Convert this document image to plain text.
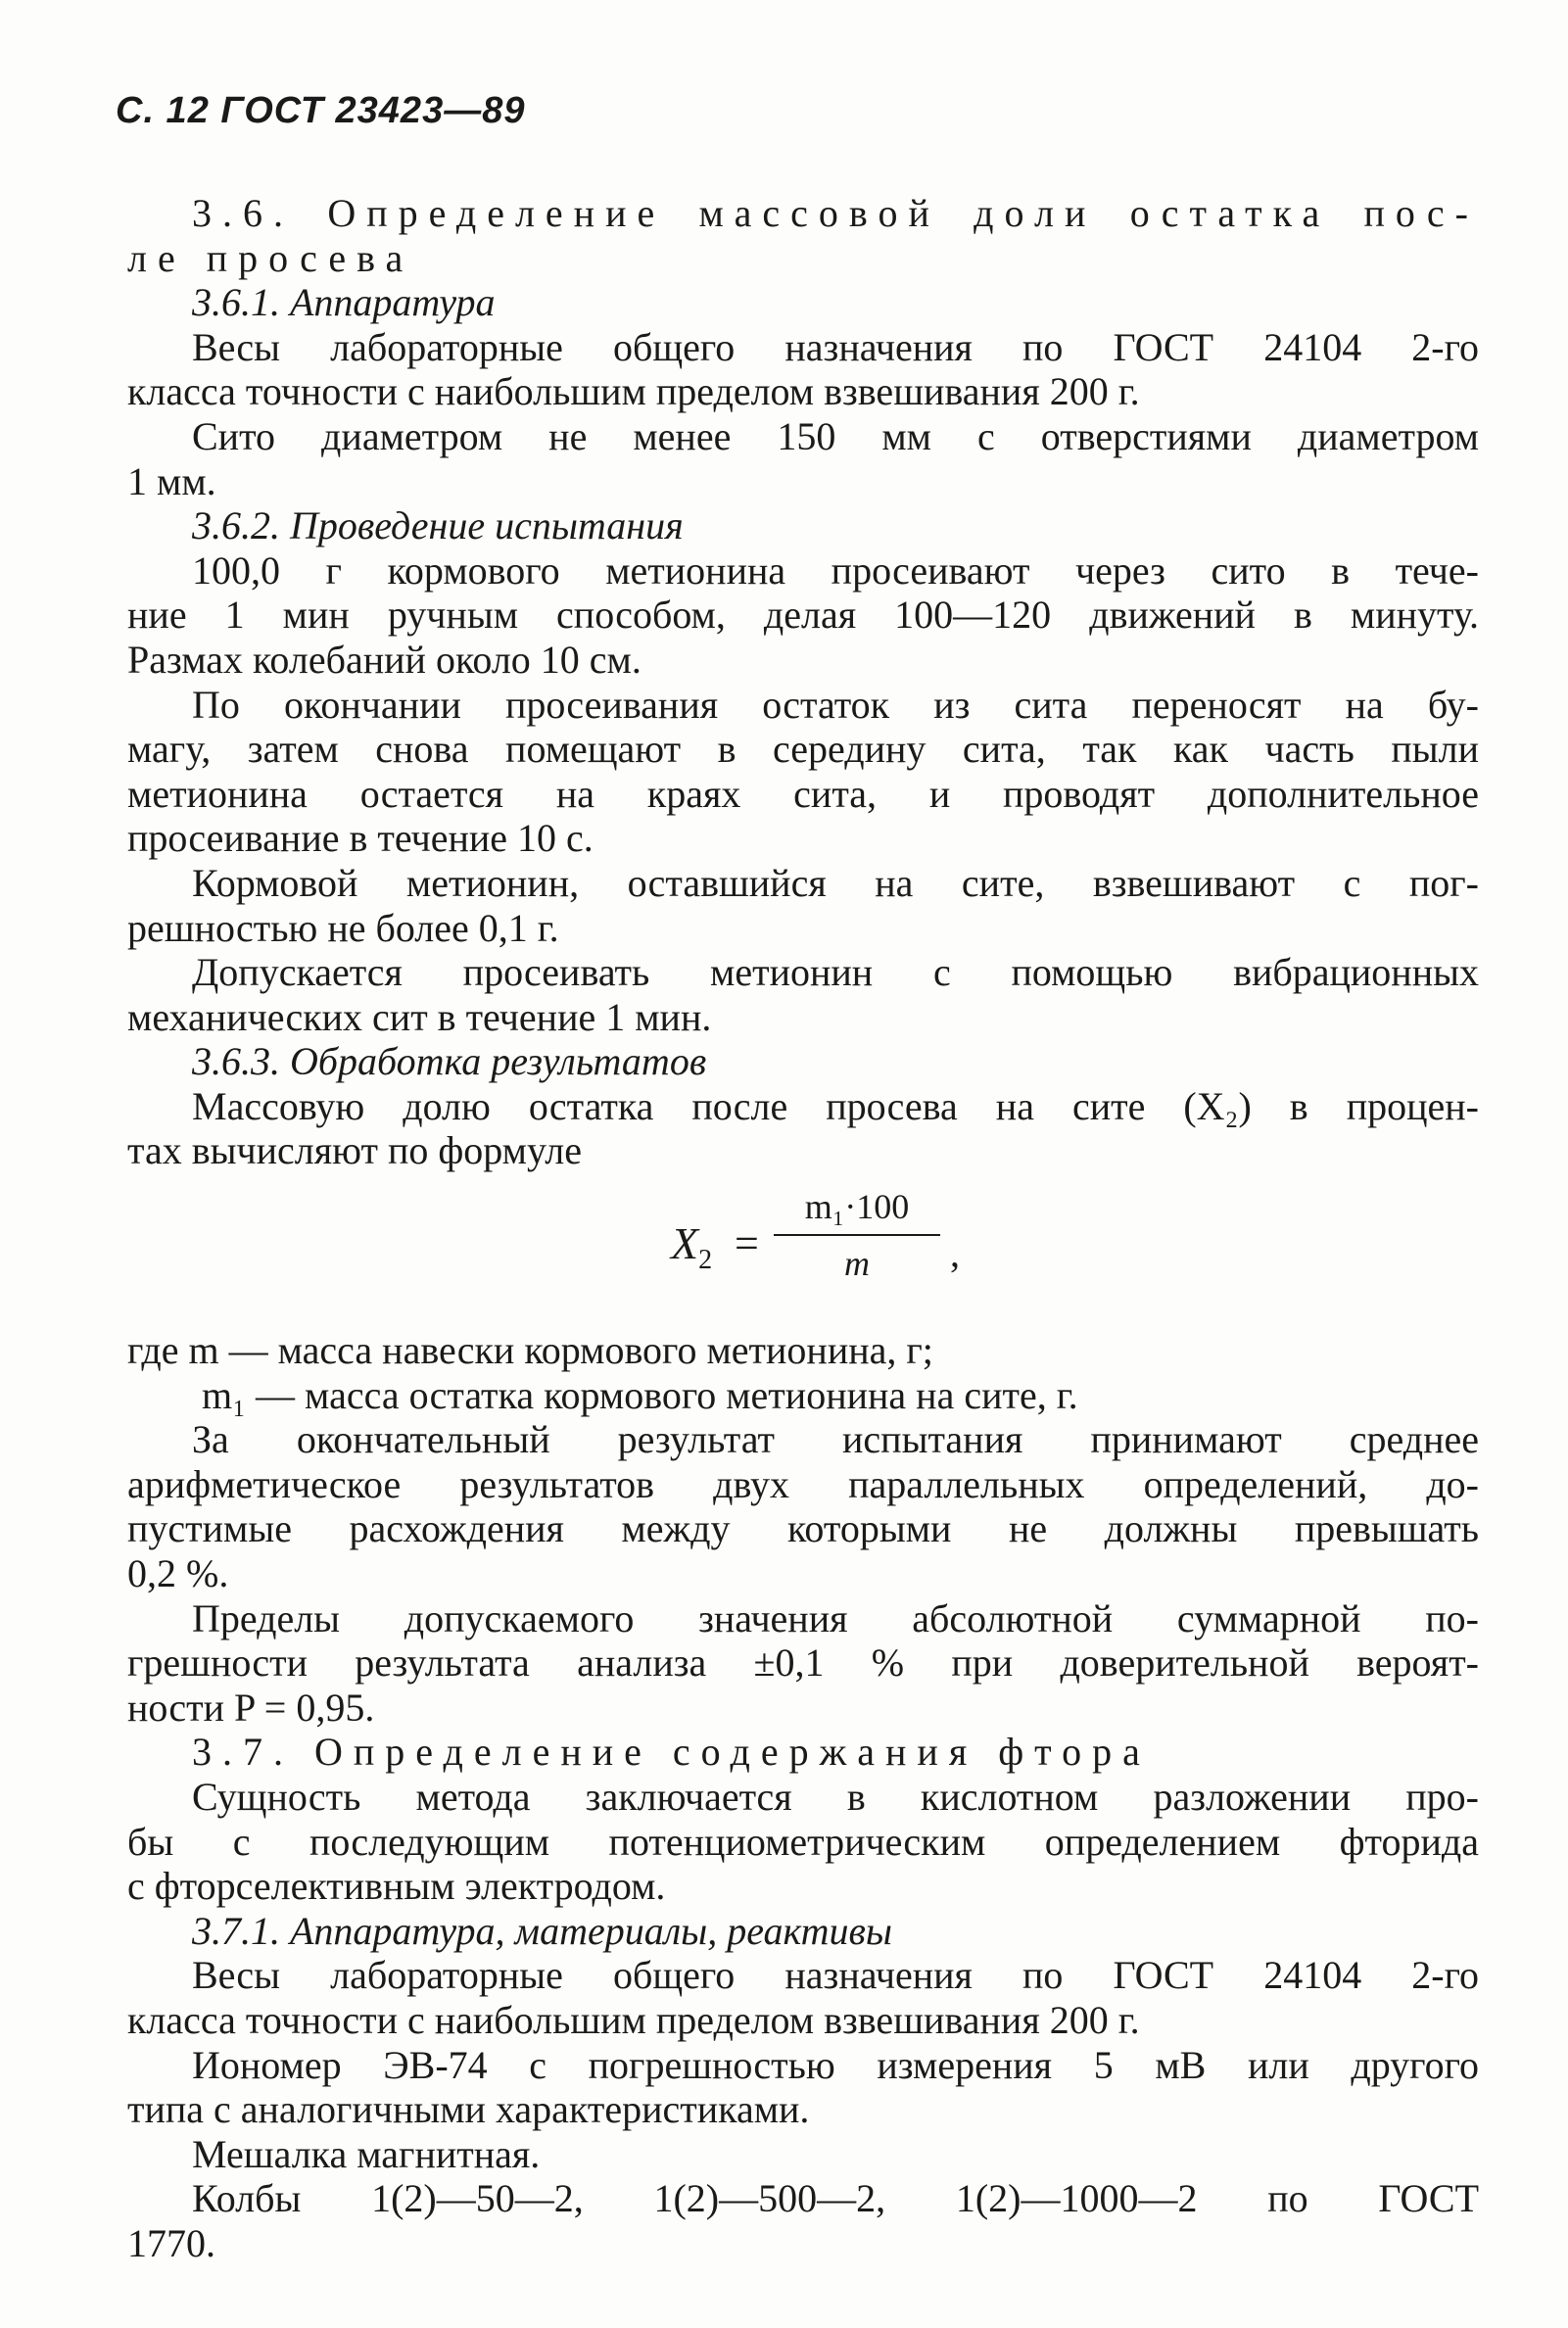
С. 12 ГОСТ 23423—89
3.6. Определение массовой доли остатка пос-
ле просева
3.6.1. Аппаратура
Весы лабораторные общего назначения по ГОСТ 24104 2-го
класса точности с наибольшим пределом взвешивания 200 г.
Сито диаметром не менее 150 мм с отверстиями диаметром
1 мм.
3.6.2. Проведение испытания
100,0 г кормового метионина просеивают через сито в тече-
ние 1 мин ручным способом, делая 100—120 движений в минуту.
Размах колебаний около 10 см.
По окончании просеивания остаток из сита переносят на бу-
магу, затем снова помещают в середину сита, так как часть пыли
метионина остается на краях сита, и проводят дополнительное
просеивание в течение 10 с.
Кормовой метионин, оставшийся на сите, взвешивают с пог-
решностью не более 0,1 г.
Допускается просеивать метионин с помощью вибрационных
механических сит в течение 1 мин.
3.6.3. Обработка результатов
Массовую долю остатка после просева на сите (X₂) в процен-
тах вычисляют по формуле
$X_2 = \frac{\text{m₁·100}}{m}$ ,
где m — масса навески кормового метионина, г;
m₁ — масса остатка кормового метионина на сите, г.
За окончательный результат испытания принимают среднее
арифметическое результатов двух параллельных определений, до-
пустимые расхождения между которыми не должны превышать
0,2 %.
Пределы допускаемого значения абсолютной суммарной по-
грешности результата анализа ±0,1 % при доверительной вероят-
ности P = 0,95.
3.7. Определение содержания фтора
Сущность метода заключается в кислотном разложении про-
бы с последующим потенциометрическим определением фторида
с фторселективным электродом.
3.7.1. Аппаратура, материалы, реактивы
Весы лабораторные общего назначения по ГОСТ 24104 2-го
класса точности с наибольшим пределом взвешивания 200 г.
Иономер ЭВ-74 с погрешностью измерения 5 мВ или другого
типа с аналогичными характеристиками.
Мешалка магнитная.
Колбы 1(2)—50—2, 1(2)—500—2, 1(2)—1000—2 по ГОСТ
1770.
